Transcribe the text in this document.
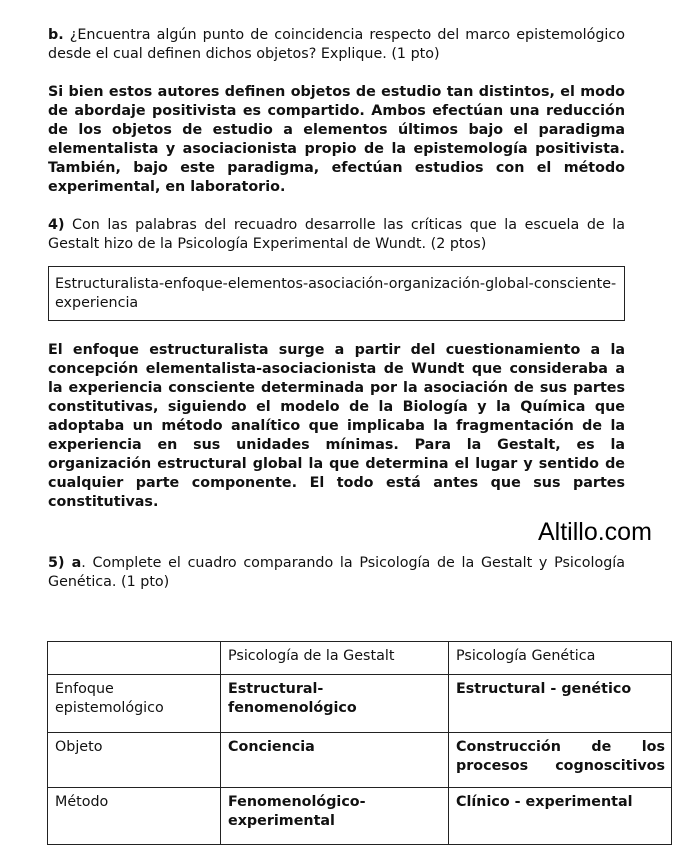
b. ¿Encuentra algún punto de coincidencia respecto del marco epistemológico desde el cual definen dichos objetos? Explique. (1 pto)

Si bien estos autores definen objetos de estudio tan distintos, el modo de abordaje positivista es compartido. Ambos efectúan una reducción de los objetos de estudio a elementos últimos bajo el paradigma elementalista y asociacionista propio de la epistemología positivista. También, bajo este paradigma, efectúan estudios con el método experimental, en laboratorio.

4) Con las palabras del recuadro desarrolle las críticas que la escuela de la Gestalt hizo de la Psicología Experimental de Wundt. (2 ptos)

Estructuralista-enfoque-elementos-asociación-organización-global-consciente-experiencia

El enfoque estructuralista surge a partir del cuestionamiento a la concepción elementalista-asociacionista de Wundt que consideraba a la experiencia consciente determinada por la asociación de sus partes constitutivas, siguiendo el modelo de la Biología y la Química que adoptaba un método analítico que implicaba la fragmentación de la experiencia en sus unidades mínimas. Para la Gestalt, es la organización estructural global la que determina el lugar y sentido de cualquier parte componente. El todo está antes que sus partes constitutivas.

5) a. Complete el cuadro comparando la Psicología de la Gestalt y Psicología Genética. (1 pto)

Altillo.com
	Psicología de la Gestalt	Psicología Genética
Enfoque epistemológico	Estructural-fenomenológico	Estructural - genético
Objeto	Conciencia	Construcción de los procesos cognoscitivos

Método	Fenomenológico-experimental	Clínico - experimental
